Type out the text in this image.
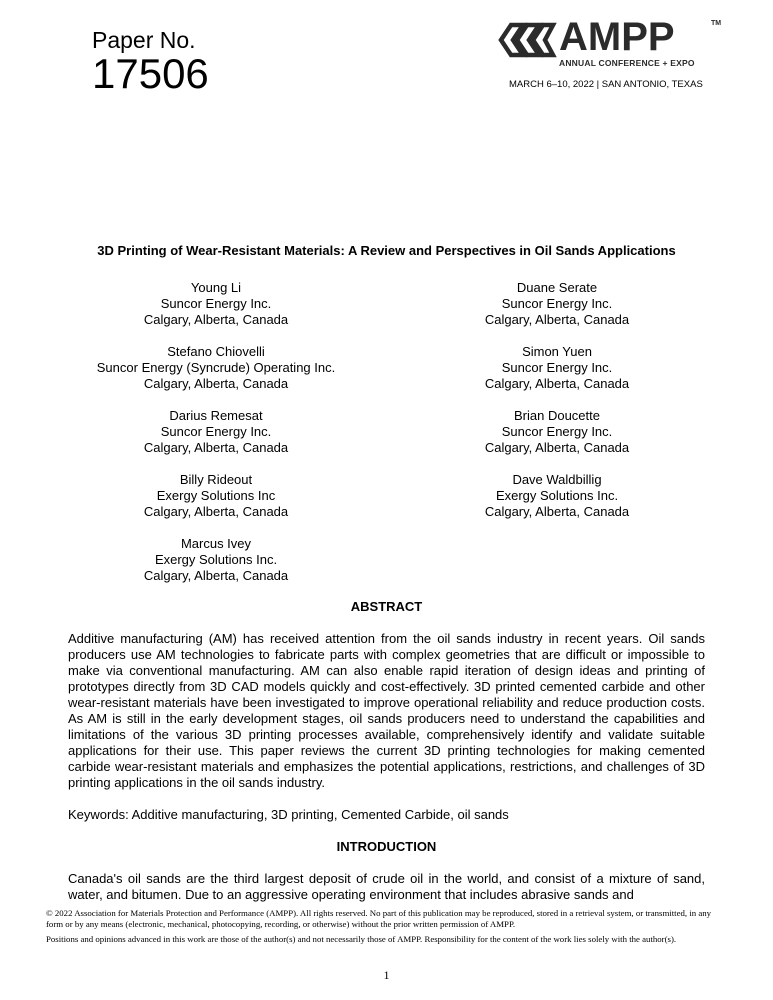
Paper No.
17506
AMPP	TM
ANNUAL CONFERENCE + EXPO
MARCH 6–10, 2022 | SAN ANTONIO, TEXAS
3D Printing of Wear-Resistant Materials: A Review and Perspectives in Oil Sands Applications
Young Li
Suncor Energy Inc.
Calgary, Alberta, Canada
Stefano Chiovelli
Suncor Energy (Syncrude) Operating Inc.
Calgary, Alberta, Canada
Darius Remesat
Suncor Energy Inc.
Calgary, Alberta, Canada
Billy Rideout
Exergy Solutions Inc
Calgary, Alberta, Canada
Marcus Ivey
Exergy Solutions Inc.
Calgary, Alberta, Canada
Duane Serate
Suncor Energy Inc.
Calgary, Alberta, Canada
Simon Yuen
Suncor Energy Inc.
Calgary, Alberta, Canada
Brian Doucette
Suncor Energy Inc.
Calgary, Alberta, Canada
Dave Waldbillig
Exergy Solutions Inc.
Calgary, Alberta, Canada
ABSTRACT
Additive manufacturing (AM) has received attention from the oil sands industry in recent years. Oil sands producers use AM technologies to fabricate parts with complex geometries that are difficult or impossible to make via conventional manufacturing. AM can also enable rapid iteration of design ideas and printing of prototypes directly from 3D CAD models quickly and cost-effectively. 3D printed cemented carbide and other wear-resistant materials have been investigated to improve operational reliability and reduce production costs. As AM is still in the early development stages, oil sands producers need to understand the capabilities and limitations of the various 3D printing processes available, comprehensively identify and validate suitable applications for their use. This paper reviews the current 3D printing technologies for making cemented carbide wear-resistant materials and emphasizes the potential applications, restrictions, and challenges of 3D printing applications in the oil sands industry.
Keywords: Additive manufacturing, 3D printing, Cemented Carbide, oil sands
INTRODUCTION
Canada's oil sands are the third largest deposit of crude oil in the world, and consist of a mixture of sand, water, and bitumen. Due to an aggressive operating environment that includes abrasive sands and
© 2022 Association for Materials Protection and Performance (AMPP). All rights reserved. No part of this publication may be reproduced, stored in a retrieval system, or transmitted, in any form or by any means (electronic, mechanical, photocopying, recording, or otherwise) without the prior written permission of AMPP.
Positions and opinions advanced in this work are those of the author(s) and not necessarily those of AMPP. Responsibility for the content of the work lies solely with the author(s).
1
